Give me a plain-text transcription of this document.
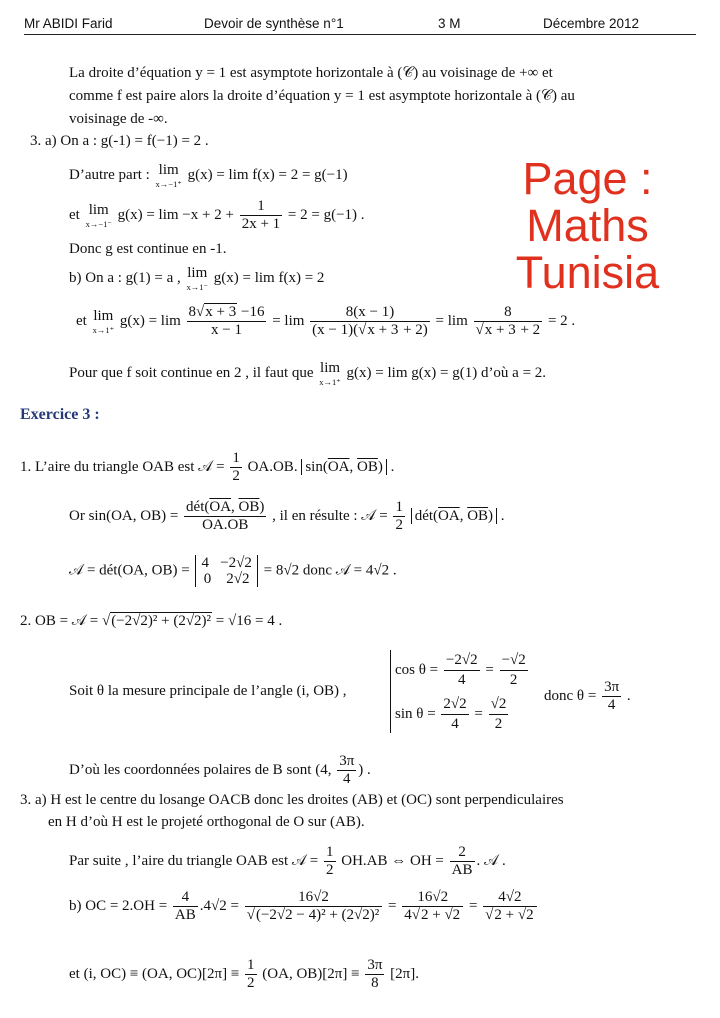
Mr ABIDI Farid	Devoir de synthèse n°1	3 M	Décembre 2012
Page : Maths
Tunisia
La droite d’équation y = 1 est asymptote horizontale à (𝒞) au voisinage de +∞ et
comme f est paire alors la droite d’équation y = 1 est asymptote horizontale à (𝒞) au
voisinage de -∞.
3. a) On a : g(-1) = f(−1) = 2 .
D’autre part : lim
x→−1⁺
g(x) = lim f(x) = 2 = g(−1)
et lim
x→−1⁻
$g(x) = \lim -x + 2 + \frac{1}{2x + 1} = 2 = g(-1)$ .
Donc g est continue en -1.
b) On a : g(1) = a , lim
x→1⁻
g(x) = lim f(x) = 2
et lim
x→1⁺
$g(x) = \lim \frac{8√x + 3 -16}{x - 1} = \lim \frac{8(x - 1)}{(x - 1)(√x + 3 + 2)} = \lim \frac{8}{√x + 3 + 2} = 2$ .
Pour que f soit continue en 2 , il faut que lim
x→1⁺
g(x) = lim g(x) = g(1) d’où a = 2.
Exercice 3 :
1. L’aire du triangle OAB est 𝒜 = $\frac{1}{2} OA.OB$. $\sin(\overline{OA}$, $\overline{OB}$) .
Or sin(OA, $OB) = \frac{dét(\overline{OA}, \overline{OB})}{OA.OB}$ , il en résulte : 𝒜 = $\frac{1}{2}$ $dét(\overline{OA}$, $\overline{OB}$) .
𝒜 = dét(OA, OB) = 4   −2√2
0    2√2
= 8√2 donc 𝒜 = 4√2 .
2. OB = 𝒜 = √(−2√2)² + (2√2)² = √16 = 4 .
Soit θ la mesure principale de l’angle (i, OB) ,
$\cos \theta = \frac{-2√2}{4} = \frac{-√2}{2}$
$\sin \theta = \frac{2√2}{4} = \frac{√2}{2}$ donc $\theta = \frac{3\pi}{4}$ .
D’où les coordonnées polaires de B sont (4, $\frac{3\pi}{4}$ ) .
3. a) H est le centre du losange OACB donc les droites (AB) et (OC) sont perpendiculaires
en H d’où H est le projeté orthogonal de O sur (AB).
Par suite , l’aire du triangle OAB est 𝒜 = $\frac{1}{2} OH.AB$ ⇔ OH = $\frac{2}{AB}$ . 𝒜 .
b) OC = $2.OH = \frac{4}{AB} .4√2 = \frac{16√2}{\text{√(−2√2 − 4)² + (2√2)²}} = \frac{16√2}{4√2 + √2} = \frac{4√2}{√2 + √2}$
et (i, OC) ≡ (OA, $OC)[2\pi] \equiv \frac{1}{2} (OA$, $OB)[2\pi] \equiv \frac{3\pi}{8} [2\pi]$.
